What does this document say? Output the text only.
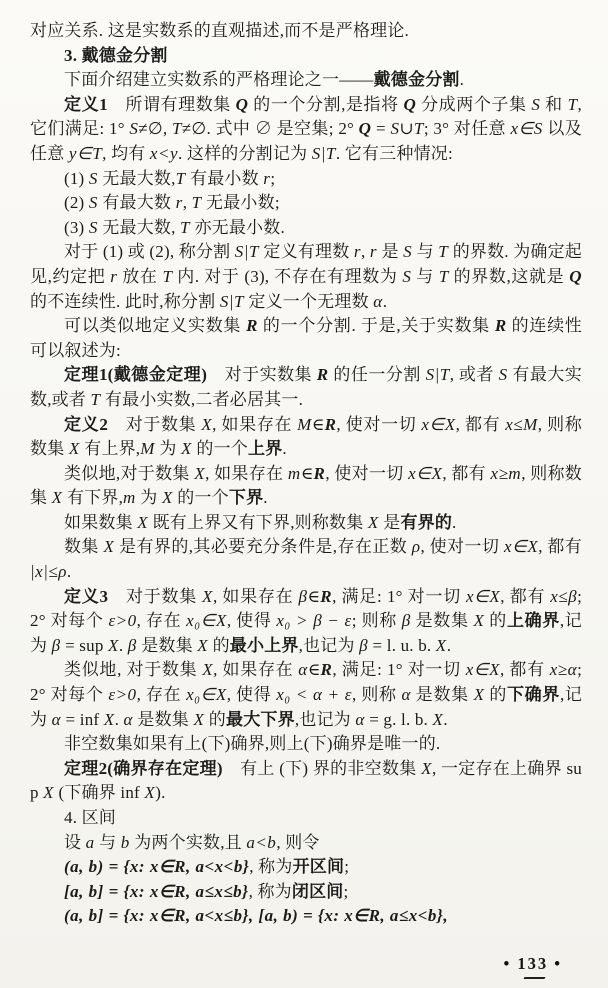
对应关系. 这是实数系的直观描述,而不是严格理论.

3. 戴德金分割

下面介绍建立实数系的严格理论之一——戴德金分割.

定义1 所谓有理数集 Q 的一个分割,是指将 Q 分成两个子集 S 和 T,它们满足: 1° S≠∅, T≠∅. 式中 ∅ 是空集; 2° Q = S∪T; 3° 对任意 x∈S 以及任意 y∈T, 均有 x<y. 这样的分割记为 S|T. 它有三种情况:

(1) S 无最大数,T 有最小数 r;

(2) S 有最大数 r, T 无最小数;

(3) S 无最大数, T 亦无最小数.

对于 (1) 或 (2), 称分割 S|T 定义有理数 r, r 是 S 与 T 的界数. 为确定起见,约定把 r 放在 T 内. 对于 (3), 不存在有理数为 S 与 T 的界数,这就是 Q 的不连续性. 此时,称分割 S|T 定义一个无理数 α.

可以类似地定义实数集 R 的一个分割. 于是,关于实数集 R 的连续性可以叙述为:

定理1(戴德金定理) 对于实数集 R 的任一分割 S|T, 或者 S 有最大实数,或者 T 有最小实数,二者必居其一.

定义2 对于数集 X, 如果存在 M∈R, 使对一切 x∈X, 都有 x≤M, 则称数集 X 有上界,M 为 X 的一个上界.

类似地,对于数集 X, 如果存在 m∈R, 使对一切 x∈X, 都有 x≥m, 则称数集 X 有下界,m 为 X 的一个下界.

如果数集 X 既有上界又有下界,则称数集 X 是有界的.

数集 X 是有界的,其必要充分条件是,存在正数 ρ, 使对一切 x∈X, 都有 |x|≤ρ.

定义3 对于数集 X, 如果存在 β∈R, 满足: 1° 对一切 x∈X, 都有 x≤β; 2° 对每个 ε>0, 存在 x₀∈X, 使得 x₀ > β − ε; 则称 β 是数集 X 的上确界,记为 β = sup X. β 是数集 X 的最小上界,也记为 β = l. u. b. X.

类似地, 对于数集 X, 如果存在 α∈R, 满足: 1° 对一切 x∈X, 都有 x≥α; 2° 对每个 ε>0, 存在 x₀∈X, 使得 x₀ < α + ε, 则称 α 是数集 X 的下确界,记为 α = inf X. α 是数集 X 的最大下界,也记为 α = g. l. b. X.

非空数集如果有上(下)确界,则上(下)确界是唯一的.

定理2(确界存在定理) 有上 (下) 界的非空数集 X, 一定存在上确界 sup X (下确界 inf X).

4. 区间

设 a 与 b 为两个实数,且 a<b, 则令

(a, b) = {x: x∈R, a<x<b}, 称为开区间;

[a, b] = {x: x∈R, a≤x≤b}, 称为闭区间;

(a, b] = {x: x∈R, a<x≤b}, [a, b) = {x: x∈R, a≤x<b},

• 133 •
